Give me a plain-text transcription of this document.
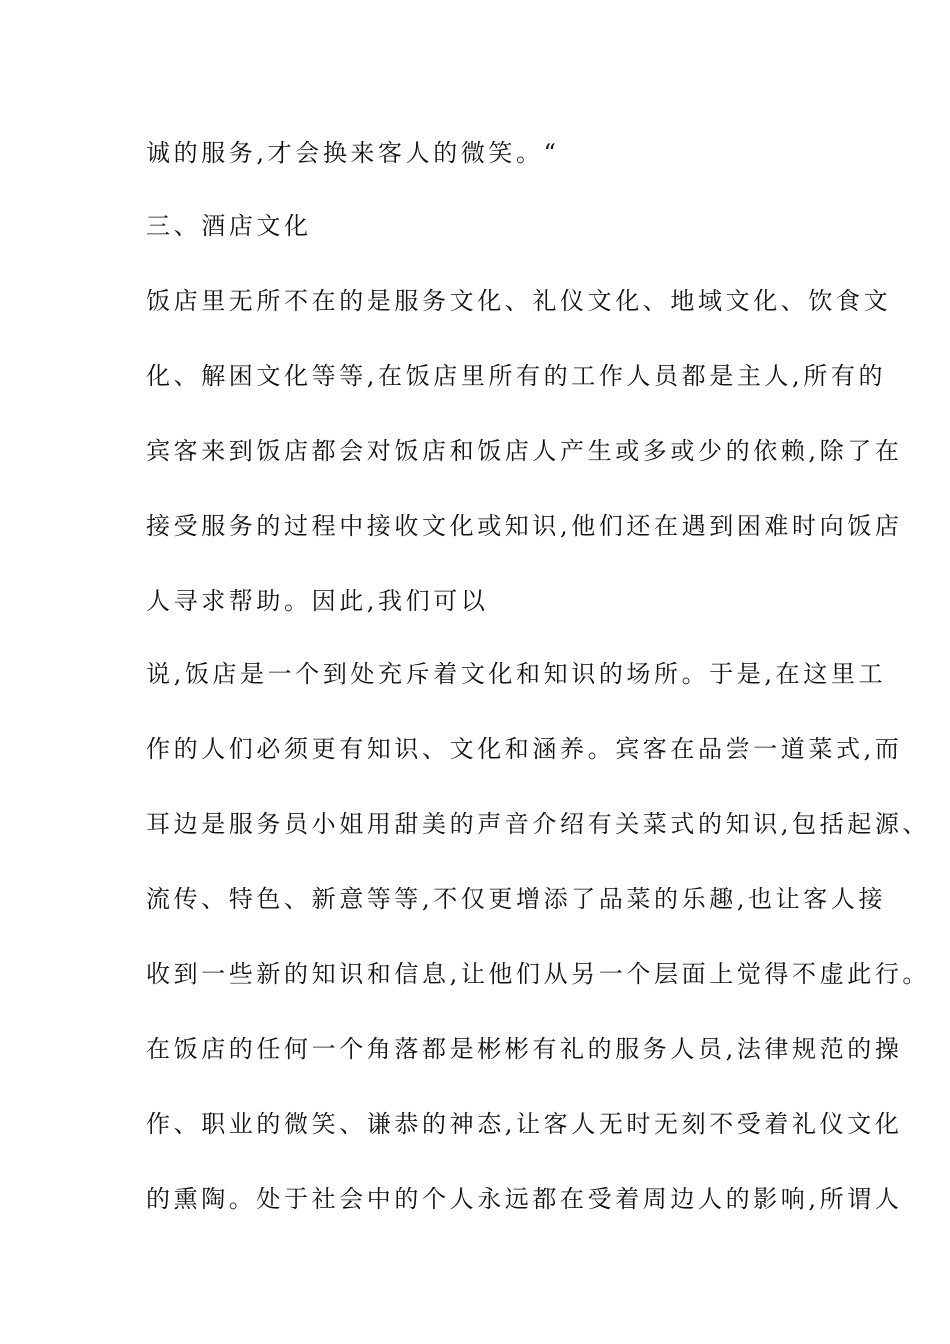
诚的服务,才会换来客人的微笑。“
三、酒店文化
饭店里无所不在的是服务文化、礼仪文化、地域文化、饮食文
化、解困文化等等,在饭店里所有的工作人员都是主人,所有的
宾客来到饭店都会对饭店和饭店人产生或多或少的依赖,除了在
接受服务的过程中接收文化或知识,他们还在遇到困难时向饭店
人寻求帮助。因此,我们可以
说,饭店是一个到处充斥着文化和知识的场所。于是,在这里工
作的人们必须更有知识、文化和涵养。宾客在品尝一道菜式,而
耳边是服务员小姐用甜美的声音介绍有关菜式的知识,包括起源、
流传、特色、新意等等,不仅更增添了品菜的乐趣,也让客人接
收到一些新的知识和信息,让他们从另一个层面上觉得不虚此行。
在饭店的任何一个角落都是彬彬有礼的服务人员,法律规范的操
作、职业的微笑、谦恭的神态,让客人无时无刻不受着礼仪文化
的熏陶。处于社会中的个人永远都在受着周边人的影响,所谓人
